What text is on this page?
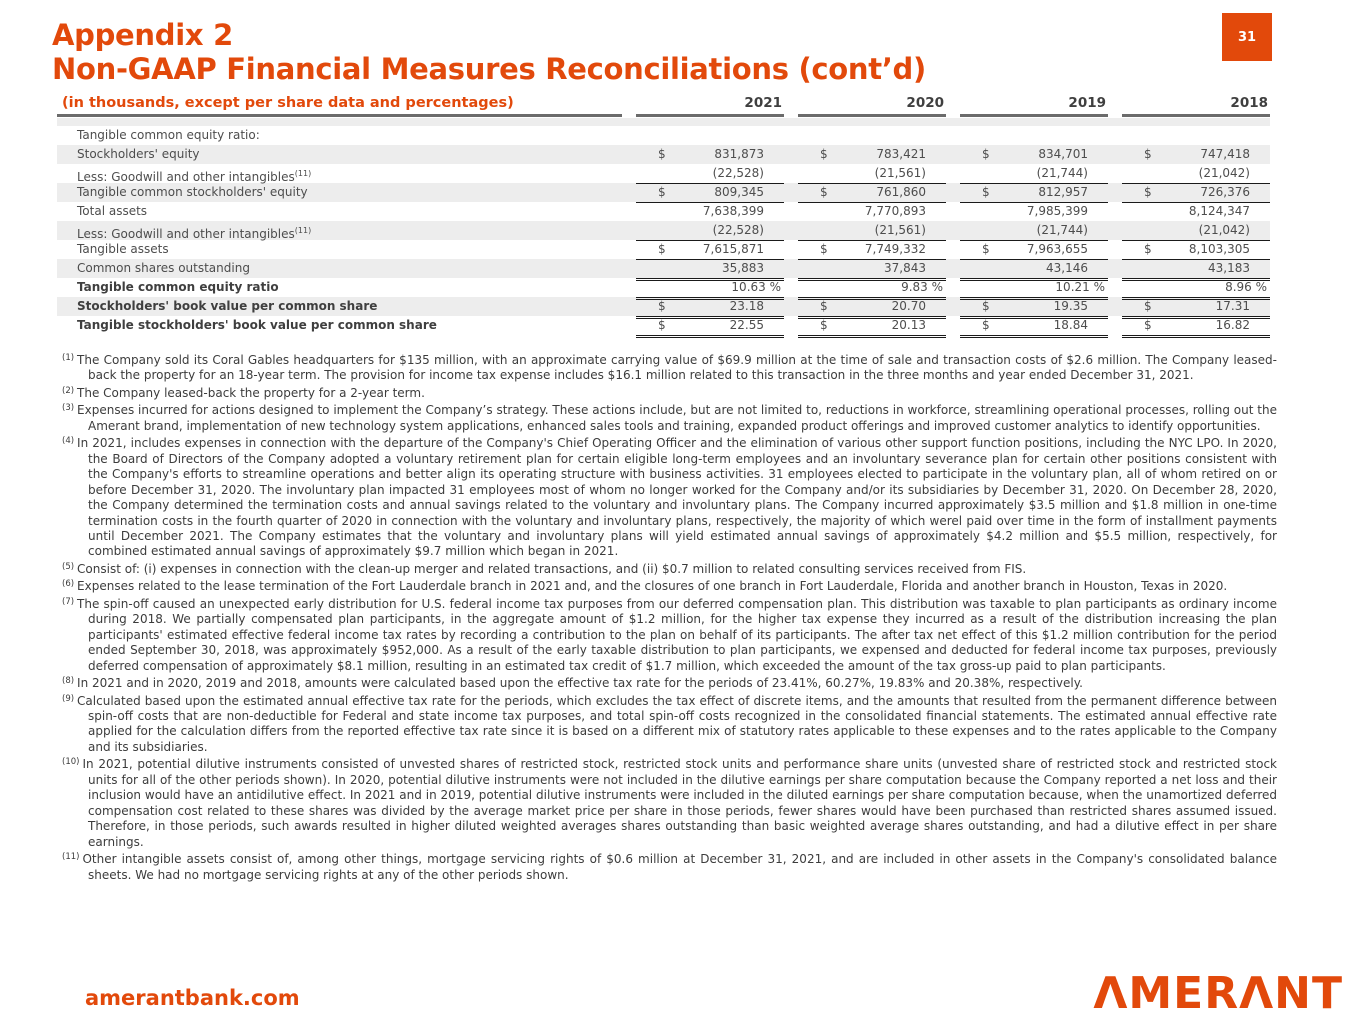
31
Appendix 2
Non-GAAP Financial Measures Reconciliations (cont’d)
(in thousands, except per share data and percentages)	2021	2020	2019	2018
Tangible common equity ratio:
Stockholders' equity	$	831,873	$	783,421	$	834,701	$	747,418
Less: Goodwill and other intangibles$^{(11)}$	(22,528)	(21,561)	(21,744)	(21,042)
Tangible common stockholders' equity	$	809,345	$	761,860	$	812,957	$	726,376
Total assets	7,638,399	7,770,893	7,985,399	8,124,347
Less: Goodwill and other intangibles$^{(11)}$	(22,528)	(21,561)	(21,744)	(21,042)
Tangible assets	$	7,615,871	$	7,749,332	$	7,963,655	$	8,103,305
Common shares outstanding	35,883	37,843	43,146	43,183
Tangible common equity ratio	10.63 %	9.83 %	10.21 %	8.96 %
Stockholders' book value per common share	$	23.18	$	20.70	$	19.35	$	17.31
Tangible stockholders' book value per common share	$	22.55	$	20.13	$	18.84	$	16.82
$^{(1)}$ The Company sold its Coral Gables headquarters for $135 million, with an approximate carrying value of $69.9 million at the time of sale and transaction costs of $2.6 million. The Company leased-back the property for an 18-year term. The provision for income tax expense includes $16.1 million related to this transaction in the three months and year ended December 31, 2021.
$^{(2)}$ The Company leased-back the property for a 2-year term.
$^{(3)}$ Expenses incurred for actions designed to implement the Company’s strategy. These actions include, but are not limited to, reductions in workforce, streamlining operational processes, rolling out the Amerant brand, implementation of new technology system applications, enhanced sales tools and training, expanded product offerings and improved customer analytics to identify opportunities.
$^{(4)}$ In 2021, includes expenses in connection with the departure of the Company's Chief Operating Officer and the elimination of various other support function positions, including the NYC LPO. In 2020, the Board of Directors of the Company adopted a voluntary retirement plan for certain eligible long-term employees and an involuntary severance plan for certain other positions consistent with the Company's efforts to streamline operations and better align its operating structure with business activities. 31 employees elected to participate in the voluntary plan, all of whom retired on or before December 31, 2020. The involuntary plan impacted 31 employees most of whom no longer worked for the Company and/or its subsidiaries by December 31, 2020. On December 28, 2020, the Company determined the termination costs and annual savings related to the voluntary and involuntary plans. The Company incurred approximately $3.5 million and $1.8 million in one-time termination costs in the fourth quarter of 2020 in connection with the voluntary and involuntary plans, respectively, the majority of which werel paid over time in the form of installment payments until December 2021. The Company estimates that the voluntary and involuntary plans will yield estimated annual savings of approximately $4.2 million and $5.5 million, respectively, for combined estimated annual savings of approximately $9.7 million which began in 2021.
$^{(5)}$ Consist of: (i) expenses in connection with the clean-up merger and related transactions, and (ii) $0.7 million to related consulting services received from FIS.
$^{(6)}$ Expenses related to the lease termination of the Fort Lauderdale branch in 2021 and, and the closures of one branch in Fort Lauderdale, Florida and another branch in Houston, Texas in 2020.
$^{(7)}$ The spin-off caused an unexpected early distribution for U.S. federal income tax purposes from our deferred compensation plan. This distribution was taxable to plan participants as ordinary income during 2018. We partially compensated plan participants, in the aggregate amount of $1.2 million, for the higher tax expense they incurred as a result of the distribution increasing the plan participants' estimated effective federal income tax rates by recording a contribution to the plan on behalf of its participants. The after tax net effect of this $1.2 million contribution for the period ended September 30, 2018, was approximately $952,000. As a result of the early taxable distribution to plan participants, we expensed and deducted for federal income tax purposes, previously deferred compensation of approximately $8.1 million, resulting in an estimated tax credit of $1.7 million, which exceeded the amount of the tax gross-up paid to plan participants.
$^{(8)}$ In 2021 and in 2020, 2019 and 2018, amounts were calculated based upon the effective tax rate for the periods of 23.41%, 60.27%, 19.83% and 20.38%, respectively.
$^{(9)}$ Calculated based upon the estimated annual effective tax rate for the periods, which excludes the tax effect of discrete items, and the amounts that resulted from the permanent difference between spin-off costs that are non-deductible for Federal and state income tax purposes, and total spin-off costs recognized in the consolidated financial statements. The estimated annual effective rate applied for the calculation differs from the reported effective tax rate since it is based on a different mix of statutory rates applicable to these expenses and to the rates applicable to the Company and its subsidiaries.
$^{(10)}$ In 2021, potential dilutive instruments consisted of unvested shares of restricted stock, restricted stock units and performance share units (unvested share of restricted stock and restricted stock units for all of the other periods shown). In 2020, potential dilutive instruments were not included in the dilutive earnings per share computation because the Company reported a net loss and their inclusion would have an antidilutive effect. In 2021 and in 2019, potential dilutive instruments were included in the diluted earnings per share computation because, when the unamortized deferred compensation cost related to these shares was divided by the average market price per share in those periods, fewer shares would have been purchased than restricted shares assumed issued. Therefore, in those periods, such awards resulted in higher diluted weighted averages shares outstanding than basic weighted average shares outstanding, and had a dilutive effect in per share earnings.
$^{(11)}$ Other intangible assets consist of, among other things, mortgage servicing rights of $0.6 million at December 31, 2021, and are included in other assets in the Company's consolidated balance sheets. We had no mortgage servicing rights at any of the other periods shown.
amerantbank.com	ΛMERΛNT
